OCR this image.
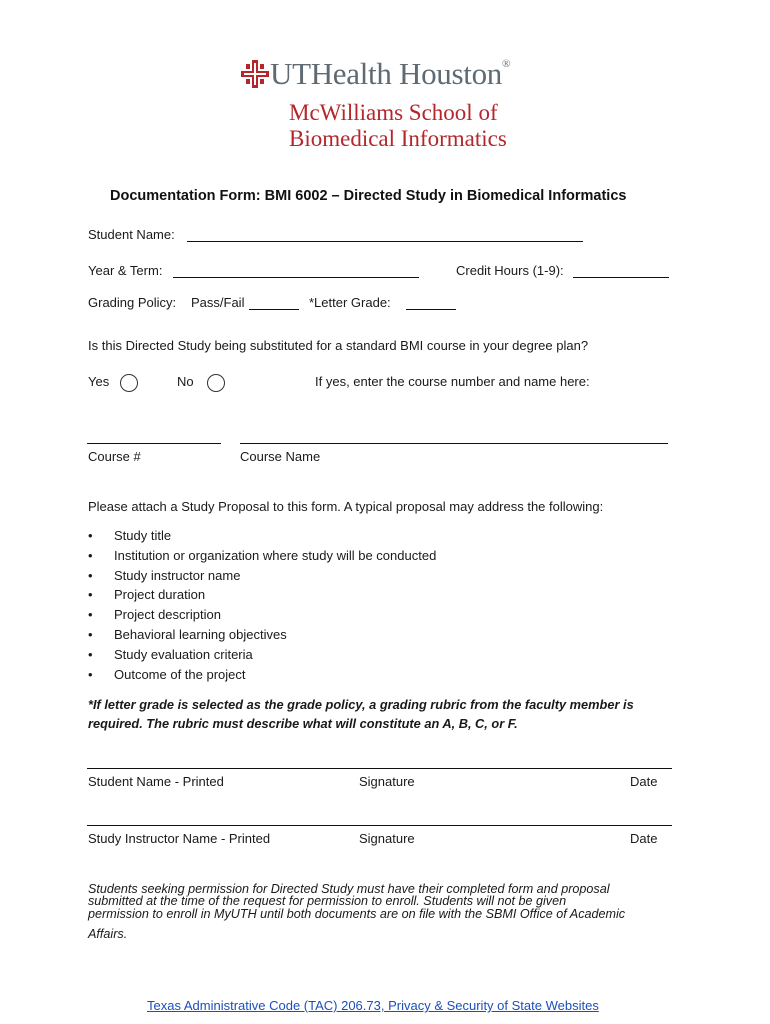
UTHealth Houston®
McWilliams School of
Biomedical Informatics
Documentation Form: BMI 6002 – Directed Study in Biomedical Informatics
Student Name:
Year & Term:	Credit Hours (1-9):
Grading Policy: Pass/Fail	*Letter Grade:
Is this Directed Study being substituted for a standard BMI course in your degree plan?
Yes	No	If yes, enter the course number and name here:
Course #	Course Name
Please attach a Study Proposal to this form. A typical proposal may address the following:
• Study title
• Institution or organization where study will be conducted
• Study instructor name
• Project duration
• Project description
• Behavioral learning objectives
• Study evaluation criteria
• Outcome of the project
*If letter grade is selected as the grade policy, a grading rubric from the faculty member is
required. The rubric must describe what will constitute an A, B, C, or F.
Student Name - Printed	Signature	Date
Study Instructor Name - Printed	Signature	Date
Students seeking permission for Directed Study must have their completed form and proposal
submitted at the time of the request for permission to enroll. Students will not be given
permission to enroll in MyUTH until both documents are on file with the SBMI Office of Academic
Affairs.
Texas Administrative Code (TAC) 206.73, Privacy & Security of State Websites
